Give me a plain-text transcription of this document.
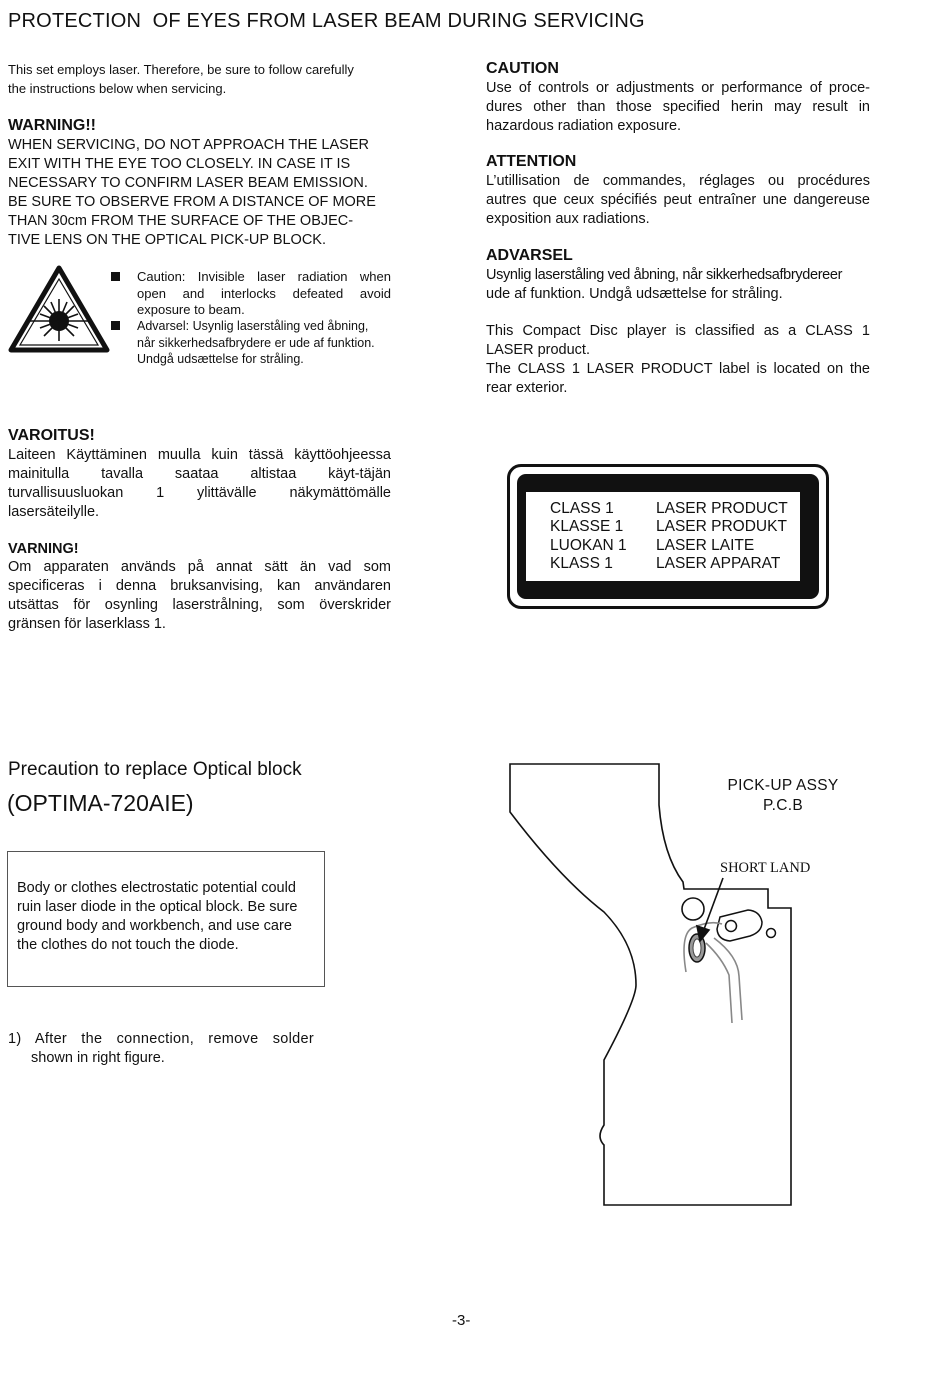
PROTECTION  OF EYES FROM LASER BEAM DURING SERVICING
This set employs laser. Therefore, be sure to follow carefully
the instructions below when servicing.
WARNING!!
WHEN SERVICING, DO NOT APPROACH THE LASER
EXIT WITH THE EYE TOO CLOSELY. IN CASE IT IS
NECESSARY TO CONFIRM LASER BEAM EMISSION.
BE SURE TO OBSERVE FROM A DISTANCE OF MORE
THAN 30cm FROM THE SURFACE OF THE OBJEC-
TIVE LENS ON THE OPTICAL PICK-UP BLOCK.
Caution: Invisible laser radiation when
open and interlocks defeated avoid
exposure to beam.
Advarsel: Usynlig laserståling ved åbning,
når sikkerhedsafbrydere er ude af funktion.
Undgå udsættelse for stråling.
CAUTION
Use of controls or adjustments or performance of proce-
dures other than those specified herin may result in
hazardous radiation exposure.
ATTENTION
L’utillisation de commandes, réglages ou procédures
autres que ceux spécifiés peut entraîner une dangereuse
exposition aux radiations.
ADVARSEL
Usynlig laserståling ved åbning, når sikkerhedsafbrydereer
ude af funktion. Undgå udsættelse for stråling.
This Compact Disc player is classified as a CLASS 1
LASER product.
The CLASS 1 LASER PRODUCT label is located on the
rear exterior.
VAROITUS!
Laiteen Käyttäminen muulla kuin tässä käyttöohjeessa
mainitulla tavalla saataa altistaa käyt-täjän
turvallisuusluokan 1 ylittävälle näkymättömälle
lasersäteilylle.
VARNING!
Om apparaten används på annat sätt än vad som
specificeras i denna bruksanvising, kan användaren
utsättas för osynling laserstrålning, som överskrider
gränsen för laserklass 1.
CLASS 1	LASER PRODUCT
KLASSE 1 LASER PRODUKT
LUOKAN 1 LASER LAITE
KLASS 1	LASER APPARAT
Precaution to replace Optical block
(OPTIMA-720AIE)
Body or clothes electrostatic potential could
ruin laser diode in the optical block. Be sure
ground body and workbench, and use care
the clothes do not touch the diode.
1) After the connection, remove solder
shown in right figure.
PICK-UP ASSY
P.C.B
SHORT LAND
-3-
